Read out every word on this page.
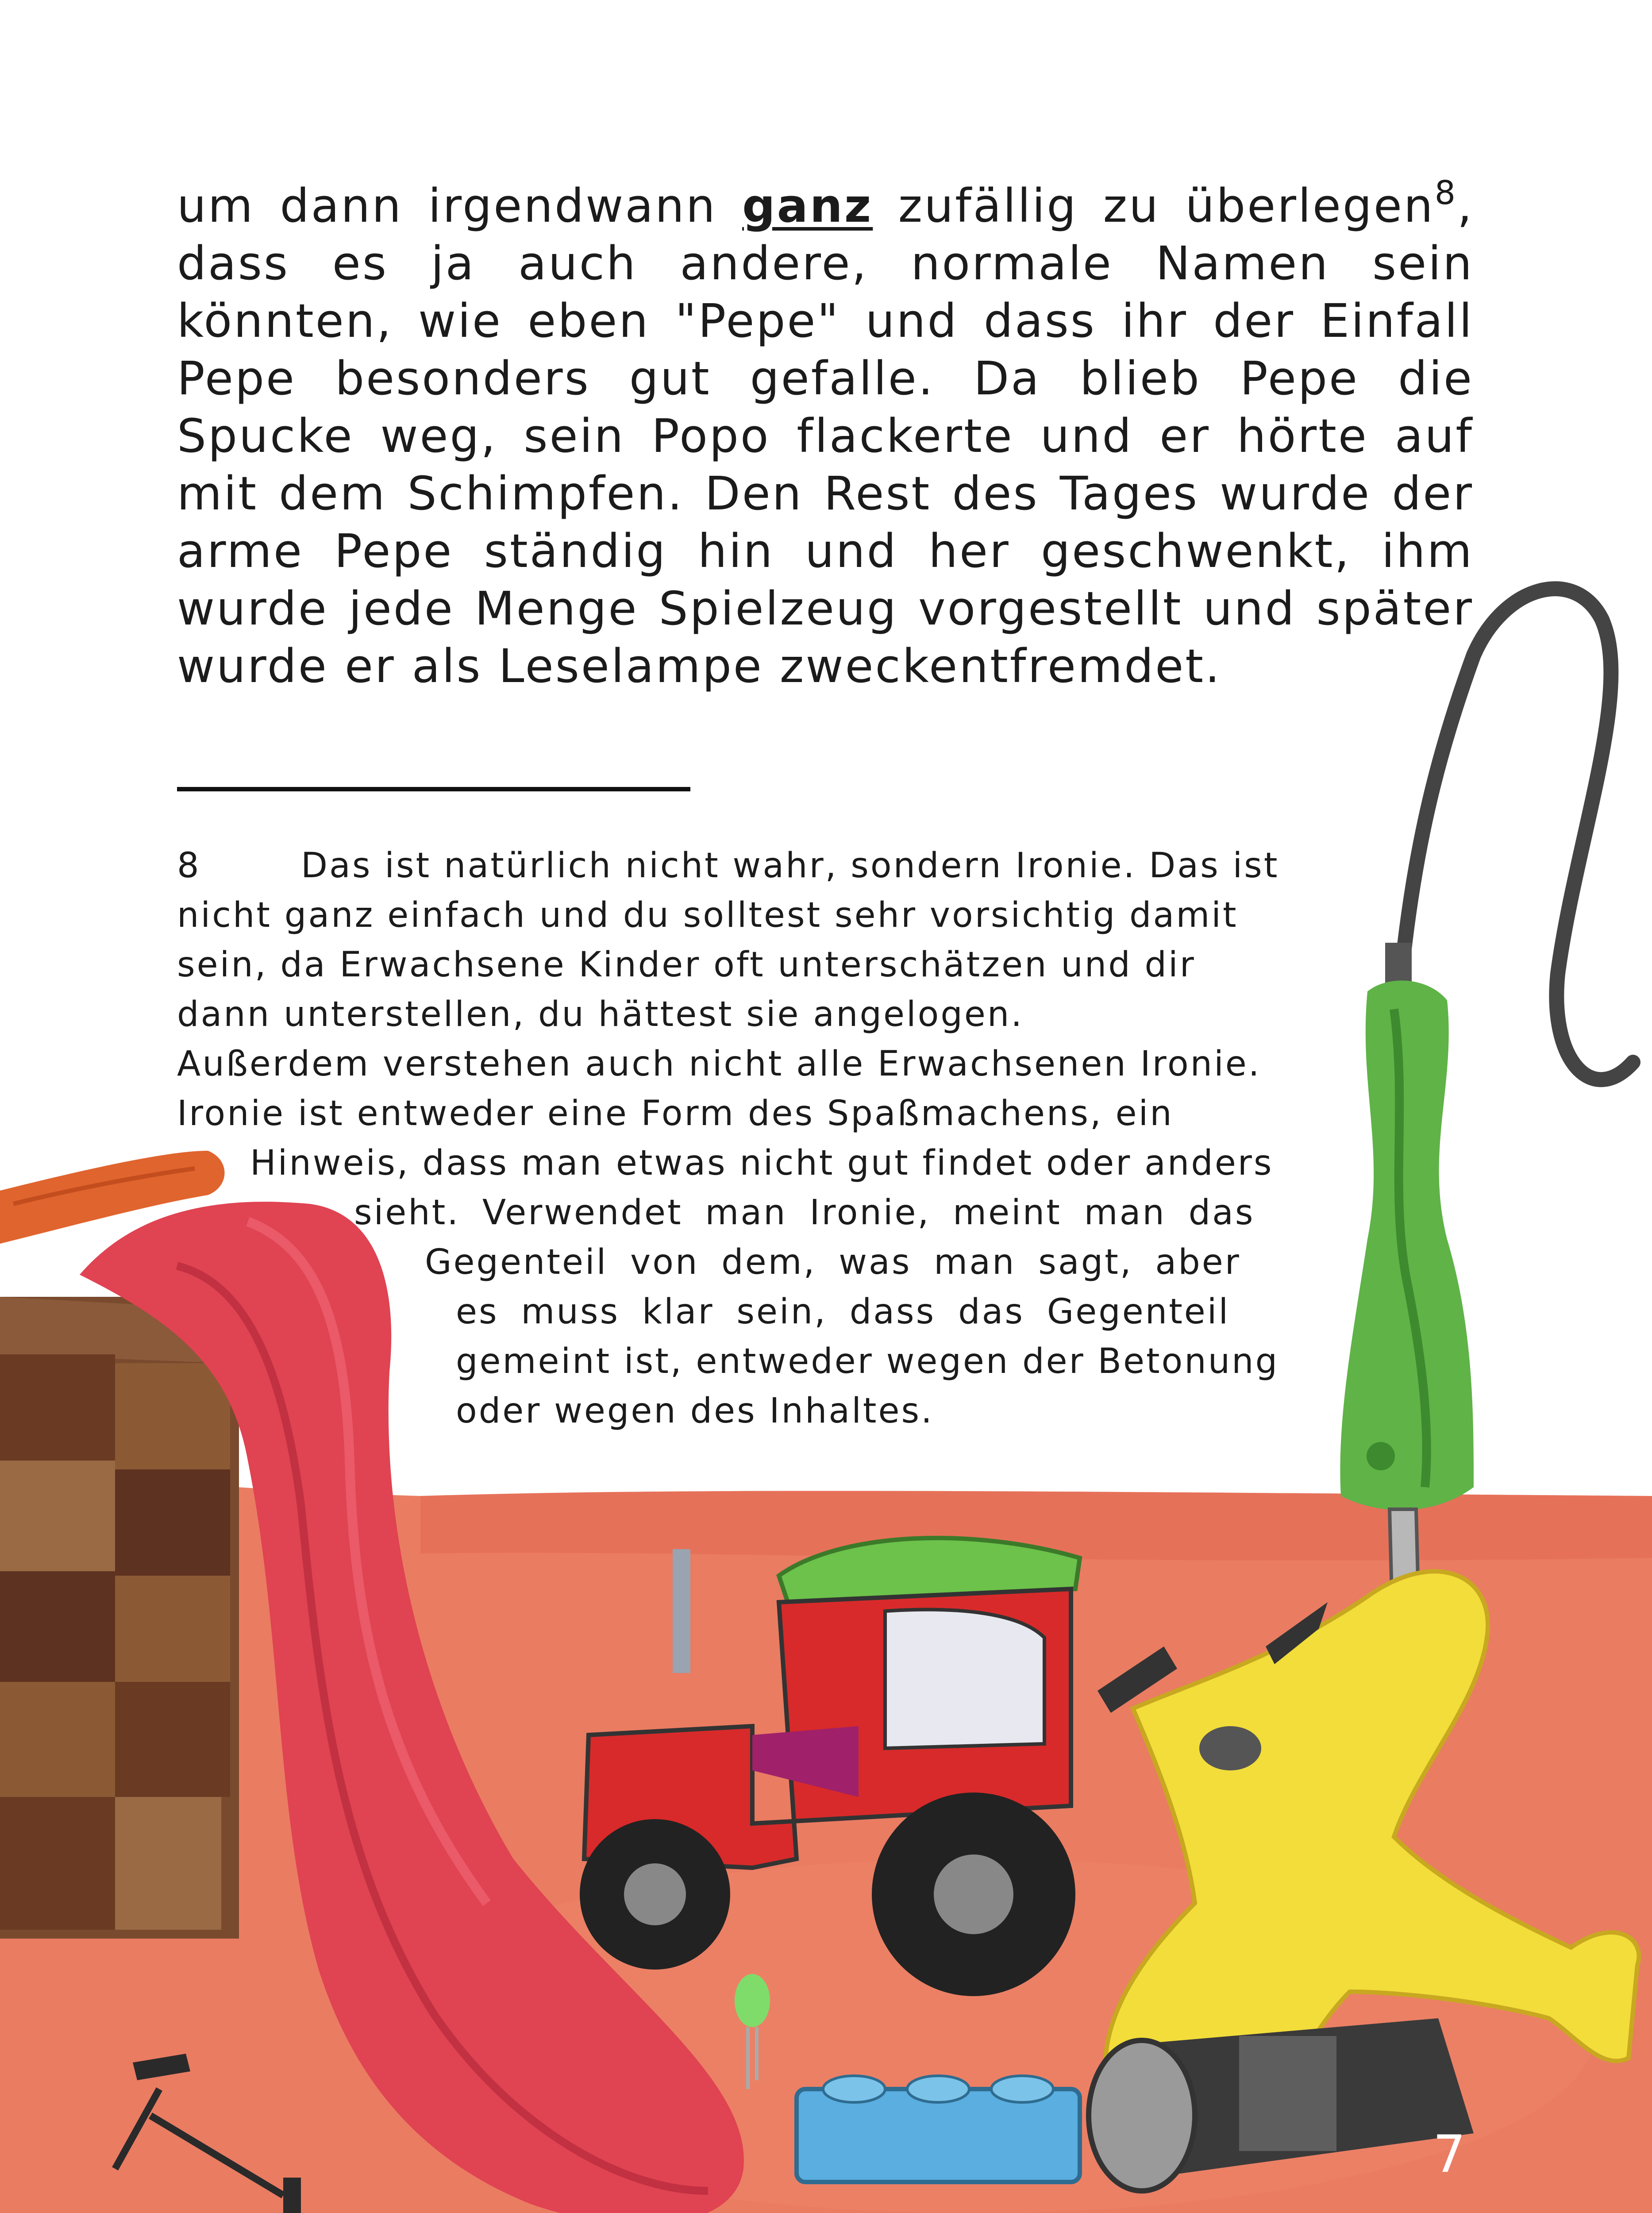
um dann irgendwann ganz zufällig zu überlegen$^8$, dass es ja auch andere, normale Namen sein könnten, wie eben "Pepe" und dass ihr der Einfall Pepe besonders gut gefalle. Da blieb Pepe die Spucke weg, sein Popo flackerte und er hörte auf mit dem Schimpfen. Den Rest des Tages wurde der arme Pepe ständig hin und her geschwenkt, ihm wurde jede Menge Spielzeug vorgestellt und später wurde er als Leselampe zweckentfremdet.
8	Das ist natürlich nicht wahr, sondern Ironie. Das ist
nicht ganz einfach und du solltest sehr vorsichtig damit
sein, da Erwachsene Kinder oft unterschätzen und dir
dann unterstellen, du hättest sie angelogen.
Außerdem verstehen auch nicht alle Erwachsenen Ironie.
Ironie ist entweder eine Form des Spaßmachens, ein
Hinweis, dass man etwas nicht gut findet oder anders
sieht. Verwendet man Ironie, meint man das
Gegenteil von dem, was man sagt, aber
es muss klar sein, dass das Gegenteil
gemeint ist, entweder wegen der Betonung
oder wegen des Inhaltes.
7
